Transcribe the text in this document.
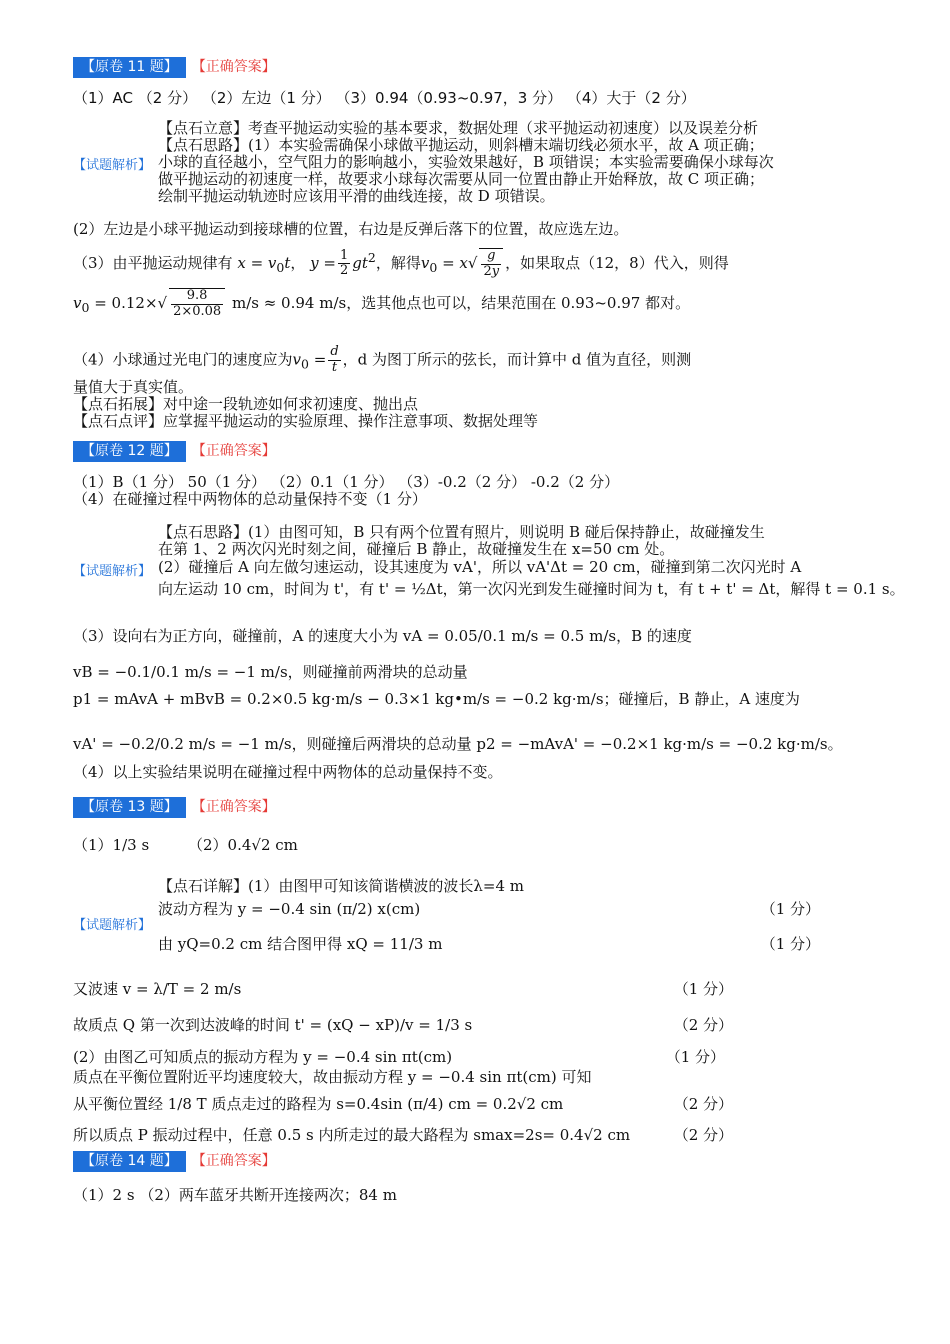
【原卷 11 题】 【正确答案】
（1）AC （2 分） （2）左边（1 分） （3）0.94（0.93~0.97，3 分） （4）大于（2 分）
【试题解析】
【点石立意】考查平抛运动实验的基本要求，数据处理（求平抛运动初速度）以及误差分析
【点石思路】(1）本实验需确保小球做平抛运动，则斜槽末端切线必须水平，故 A 项正确；
小球的直径越小，空气阻力的影响越小，实验效果越好，B 项错误；本实验需要确保小球每次
做平抛运动的初速度一样，故要求小球每次需要从同一位置由静止开始释放，故 C 项正确；
绘制平抛运动轨迹时应该用平滑的曲线连接，故 D 项错误。
(2）左边是小球平抛运动到接球槽的位置，右边是反弹后落下的位置，故应选左边。
（3）由平抛运动规律有 $x = v_0t$， $y = \frac{1}{2} gt^2$，解得$v_0 = x√ \frac{g}{2y}$ ，如果取点（12，8）代入，则得
$v_0 = 0.12\times√ \frac{9.8}{2\times 0.08} m/s \approx 0.94$ m/s，选其他点也可以，结果范围在 0.93~0.97 都对。
（4）小球通过光电门的速度应为$v_0 = \frac{d}{t}$ ，d 为图丁所示的弦长，而计算中 d 值为直径，则测
量值大于真实值。
【点石拓展】对中途一段轨迹如何求初速度、抛出点
【点石点评】应掌握平抛运动的实验原理、操作注意事项、数据处理等
【原卷 12 题】 【正确答案】
（1）B（1 分） 50（1 分） （2）0.1（1 分） （3）-0.2（2 分） -0.2（2 分）
（4）在碰撞过程中两物体的总动量保持不变（1 分）
【试题解析】
【点石思路】(1）由图可知，B 只有两个位置有照片，则说明 B 碰后保持静止，故碰撞发生
在第 1、2 两次闪光时刻之间，碰撞后 B 静止，故碰撞发生在 x=50 cm 处。
(2）碰撞后 A 向左做匀速运动，设其速度为 vA'，所以 vA'Δt = 20 cm，碰撞到第二次闪光时 A
向左运动 10 cm，时间为 t'，有 t' = ½Δt，第一次闪光到发生碰撞时间为 t，有 t + t' = Δt，解得 t = 0.1 s。
（3）设向右为正方向，碰撞前，A 的速度大小为 vA = 0.05/0.1 m/s = 0.5 m/s，B 的速度
vB = −0.1/0.1 m/s = −1 m/s，则碰撞前两滑块的总动量
p1 = mAvA + mBvB = 0.2×0.5 kg·m/s − 0.3×1 kg•m/s = −0.2 kg·m/s；碰撞后，B 静止，A 速度为
vA' = −0.2/0.2 m/s = −1 m/s，则碰撞后两滑块的总动量 p2 = −mAvA' = −0.2×1 kg·m/s = −0.2 kg·m/s。
（4）以上实验结果说明在碰撞过程中两物体的总动量保持不变。
【原卷 13 题】 【正确答案】
（1）1/3 s	（2）0.4√2 cm
【试题解析】
【点石详解】(1）由图甲可知该简谐横波的波长λ=4 m
波动方程为 y = −0.4 sin (π/2) x(cm)	（1 分）
由 yQ=0.2 cm 结合图甲得 xQ = 11/3 m	（1 分）
又波速 v = λ/T = 2 m/s	（1 分）
故质点 Q 第一次到达波峰的时间 t' = (xQ − xP)/v = 1/3 s	（2 分）
(2）由图乙可知质点的振动方程为 y = −0.4 sin πt(cm)	（1 分）
质点在平衡位置附近平均速度较大，故由振动方程 y = −0.4 sin πt(cm) 可知
从平衡位置经 1/8 T 质点走过的路程为 s=0.4sin (π/4) cm = 0.2√2 cm	（2 分）
所以质点 P 振动过程中，任意 0.5 s 内所走过的最大路程为 smax=2s= 0.4√2 cm	（2 分）
【原卷 14 题】 【正确答案】
（1）2 s （2）两车蓝牙共断开连接两次；84 m
